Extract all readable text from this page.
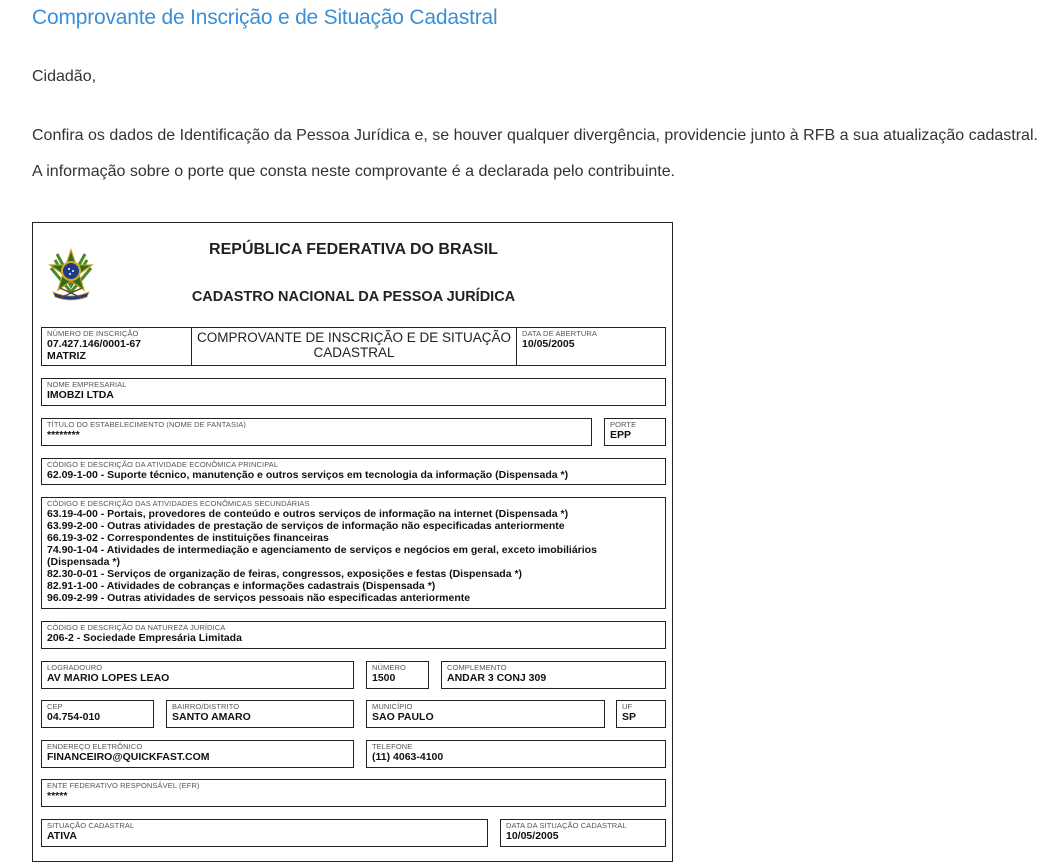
Comprovante de Inscrição e de Situação Cadastral

Cidadão,

Confira os dados de Identificação da Pessoa Jurídica e, se houver qualquer divergência, providencie junto à RFB a sua atualização cadastral.

A informação sobre o porte que consta neste comprovante é a declarada pelo contribuinte.

REPÚBLICA FEDERATIVA DO BRASIL
CADASTRO NACIONAL DA PESSOA JURÍDICA
NÚMERO DE INSCRIÇÃO
07.427.146/0001-67
MATRIZ
COMPROVANTE DE INSCRIÇÃO E DE SITUAÇÃO
CADASTRAL
DATA DE ABERTURA
10/05/2005
NOME EMPRESARIAL
IMOBZI LTDA
TÍTULO DO ESTABELECIMENTO (NOME DE FANTASIA)
********
PORTE
EPP
CÓDIGO E DESCRIÇÃO DA ATIVIDADE ECONÔMICA PRINCIPAL
62.09-1-00 - Suporte técnico, manutenção e outros serviços em tecnologia da informação (Dispensada *)
CÓDIGO E DESCRIÇÃO DAS ATIVIDADES ECONÔMICAS SECUNDÁRIAS
63.19-4-00 - Portais, provedores de conteúdo e outros serviços de informação na internet (Dispensada *)
63.99-2-00 - Outras atividades de prestação de serviços de informação não especificadas anteriormente
66.19-3-02 - Correspondentes de instituições financeiras
74.90-1-04 - Atividades de intermediação e agenciamento de serviços e negócios em geral, exceto imobiliários
(Dispensada *)
82.30-0-01 - Serviços de organização de feiras, congressos, exposições e festas (Dispensada *)
82.91-1-00 - Atividades de cobranças e informações cadastrais (Dispensada *)
96.09-2-99 - Outras atividades de serviços pessoais não especificadas anteriormente
CÓDIGO E DESCRIÇÃO DA NATUREZA JURÍDICA
206-2 - Sociedade Empresária Limitada
LOGRADOURO
AV MARIO LOPES LEAO
NÚMERO
1500
COMPLEMENTO
ANDAR 3 CONJ 309
CEP
04.754-010
BAIRRO/DISTRITO
SANTO AMARO
MUNICÍPIO
SAO PAULO
UF
SP
ENDEREÇO ELETRÔNICO
FINANCEIRO@QUICKFAST.COM
TELEFONE
(11) 4063-4100
ENTE FEDERATIVO RESPONSÁVEL (EFR)
*****
SITUAÇÃO CADASTRAL
ATIVA
DATA DA SITUAÇÃO CADASTRAL
10/05/2005
